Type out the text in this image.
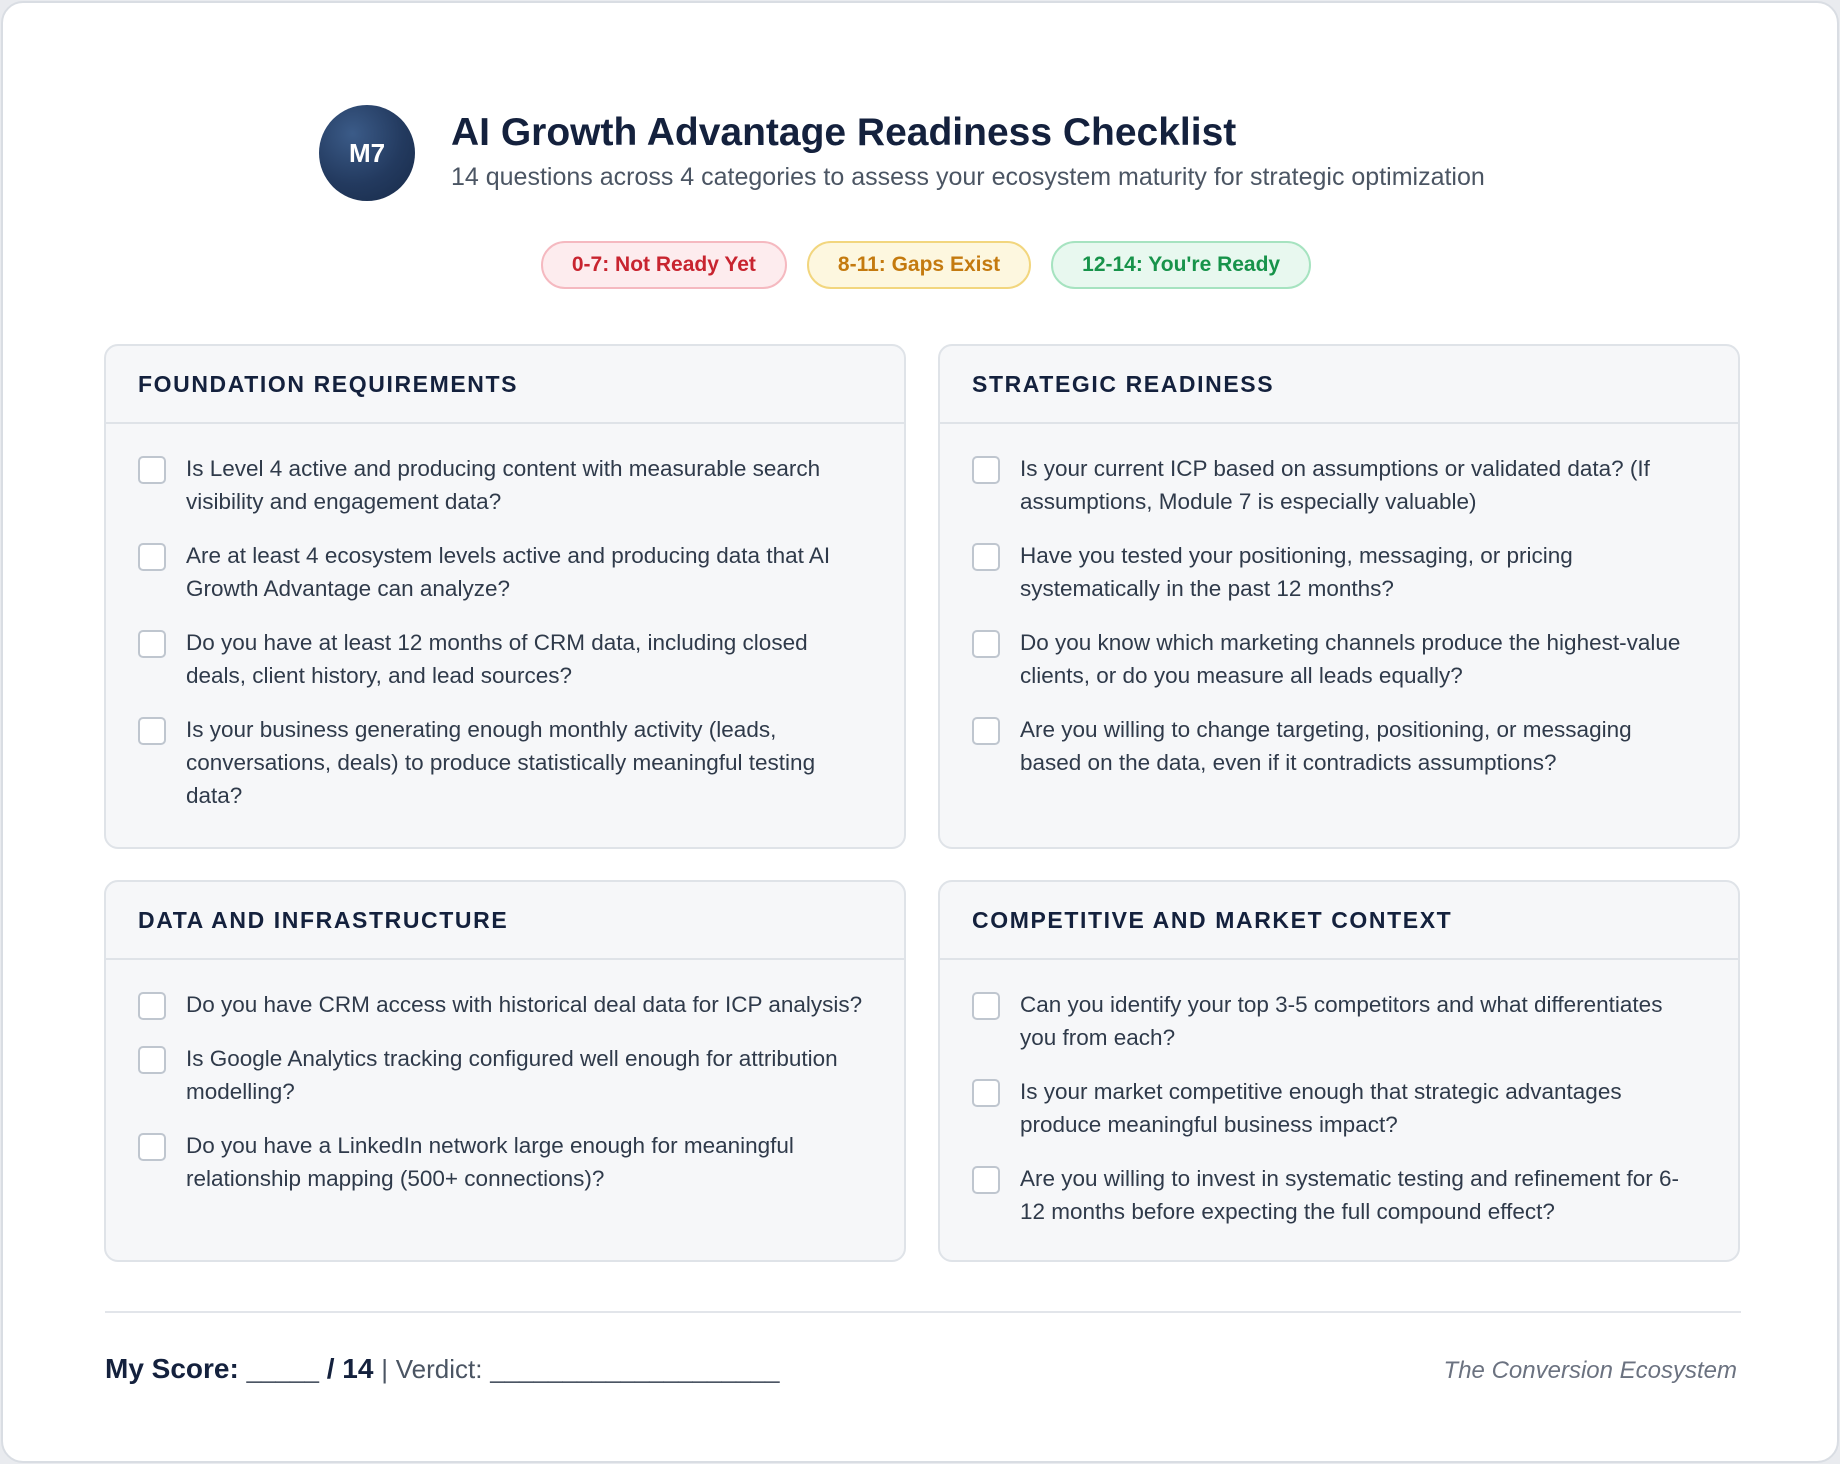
M7	AI Growth Advantage Readiness Checklist
14 questions across 4 categories to assess your ecosystem maturity for strategic optimization
0-7: Not Ready Yet	8-11: Gaps Exist	12-14: You're Ready
FOUNDATION REQUIREMENTS
Is Level 4 active and producing content with measurable search visibility and engagement data?
Are at least 4 ecosystem levels active and producing data that AI Growth Advantage can analyze?
Do you have at least 12 months of CRM data, including closed deals, client history, and lead sources?
Is your business generating enough monthly activity (leads, conversations, deals) to produce statistically meaningful testing data?
STRATEGIC READINESS
Is your current ICP based on assumptions or validated data? (If assumptions, Module 7 is especially valuable)
Have you tested your positioning, messaging, or pricing systematically in the past 12 months?
Do you know which marketing channels produce the highest-value clients, or do you measure all leads equally?
Are you willing to change targeting, positioning, or messaging based on the data, even if it contradicts assumptions?
DATA AND INFRASTRUCTURE
Do you have CRM access with historical deal data for ICP analysis?
Is Google Analytics tracking configured well enough for attribution modelling?
Do you have a LinkedIn network large enough for meaningful relationship mapping (500+ connections)?
COMPETITIVE AND MARKET CONTEXT
Can you identify your top 3-5 competitors and what differentiates you from each?
Is your market competitive enough that strategic advantages produce meaningful business impact?
Are you willing to invest in systematic testing and refinement for 6-12 months before expecting the full compound effect?
My Score: _____ / 14 | Verdict: ____________________	The Conversion Ecosystem
